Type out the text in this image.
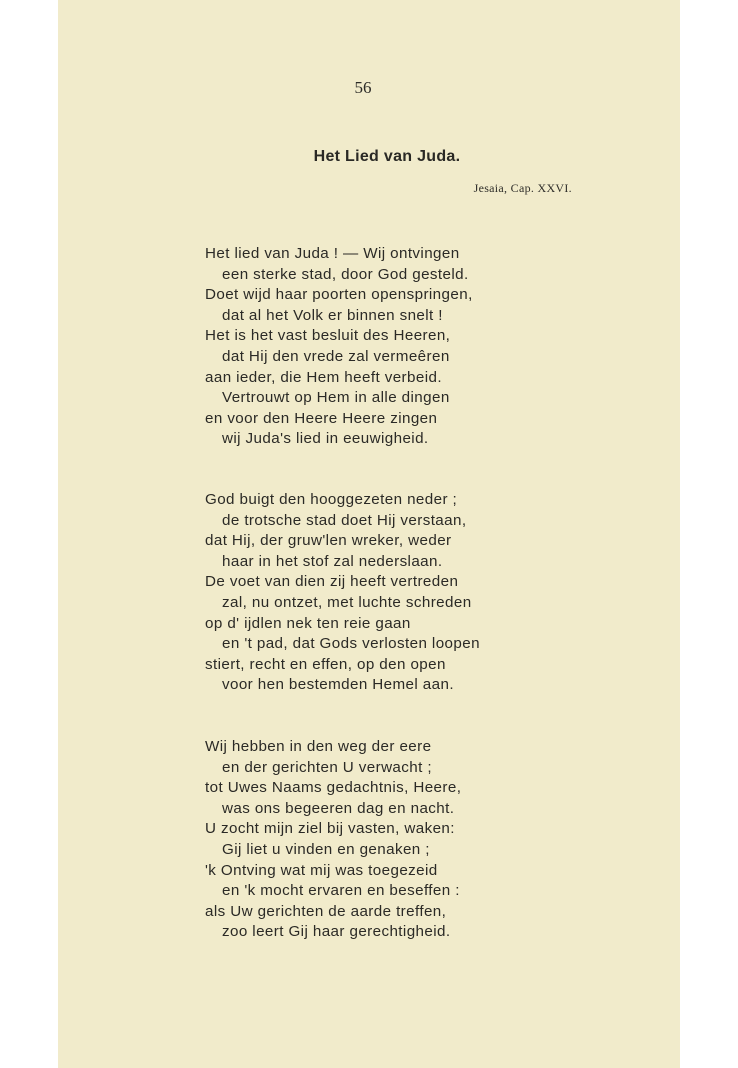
56
Het Lied van Juda.
Jesaia, Cap. XXVI.
Het lied van Juda ! — Wij ontvingen
een sterke stad, door God gesteld.
Doet wijd haar poorten openspringen,
dat al het Volk er binnen snelt !
Het is het vast besluit des Heeren,
dat Hij den vrede zal vermeêren
aan ieder, die Hem heeft verbeid.
Vertrouwt op Hem in alle dingen
en voor den Heere Heere zingen
wij Juda's lied in eeuwigheid.
God buigt den hooggezeten neder ;
de trotsche stad doet Hij verstaan,
dat Hij, der gruw'len wreker, weder
haar in het stof zal nederslaan.
De voet van dien zij heeft vertreden
zal, nu ontzet, met luchte schreden
op d' ijdlen nek ten reie gaan
en 't pad, dat Gods verlosten loopen
stiert, recht en effen, op den open
voor hen bestemden Hemel aan.
Wij hebben in den weg der eere
en der gerichten U verwacht ;
tot Uwes Naams gedachtnis, Heere,
was ons begeeren dag en nacht.
U zocht mijn ziel bij vasten, waken:
Gij liet u vinden en genaken ;
'k Ontving wat mij was toegezeid
en 'k mocht ervaren en beseffen :
als Uw gerichten de aarde treffen,
zoo leert Gij haar gerechtigheid.
